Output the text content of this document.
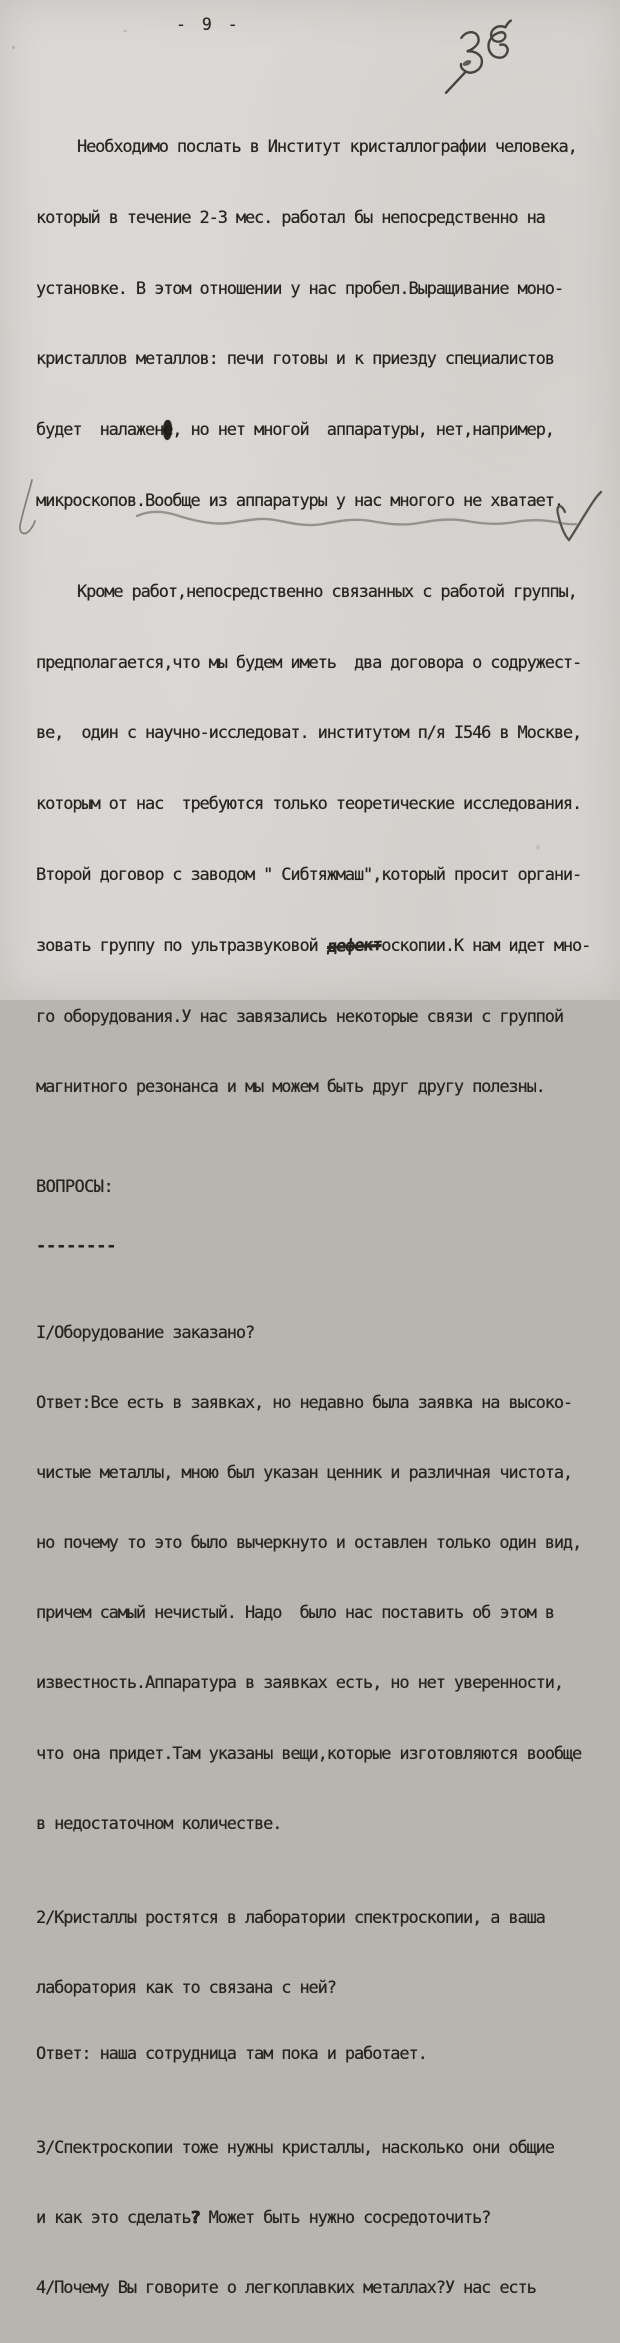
- 9 -

Необходимо послать в Институт кристаллографии человека,

который в течение 2-3 мес. работал бы непосредственно на

установке. В этом отношении у нас пробел.Выращивание моно-

кристаллов металлов: печи готовы и к приезду специалистов

будет  налажене, но нет многой  аппаратуры, нет,например,

микроскопов.Вообще из аппаратуры у нас многого не хватает.

Кроме работ,непосредственно связанных с работой группы,

предполагается,что мы будем иметь  два договора о содружест-

ве,  один с научно-исследоват. институтом п/я I546 в Москве,

которым от нас  требуются только теоретические исследования.

Второй договор с заводом " Сибтяжмаш",который просит органи-

зовать группу по ультразвуковой дефектоскопии.К нам идет мно-

го оборудования.У нас завязались некоторые связи с группой

магнитного резонанса и мы можем быть друг другу полезны.

ВОПРОСЫ:

--------

I/Оборудование заказано?

Ответ:Все есть в заявках, но недавно была заявка на высоко-

чистые металлы, мною был указан ценник и различная чистота,

но почему то это было вычеркнуто и оставлен только один вид,

причем самый нечистый. Надо  было нас поставить об этом в

известность.Аппаратура в заявках есть, но нет уверенности,

что она придет.Там указаны вещи,которые изготовляются вообще

в недостаточном количестве.

2/Кристаллы ростятся в лаборатории спектроскопии, а ваша

лаборатория как то связана с ней?

Ответ: наша сотрудница там пока и работает.

3/Спектроскопии тоже нужны кристаллы, насколько они общие

и как это сделать? Может быть нужно сосредоточить?

4/Почему Вы говорите о легкоплавких металлах?У нас есть
